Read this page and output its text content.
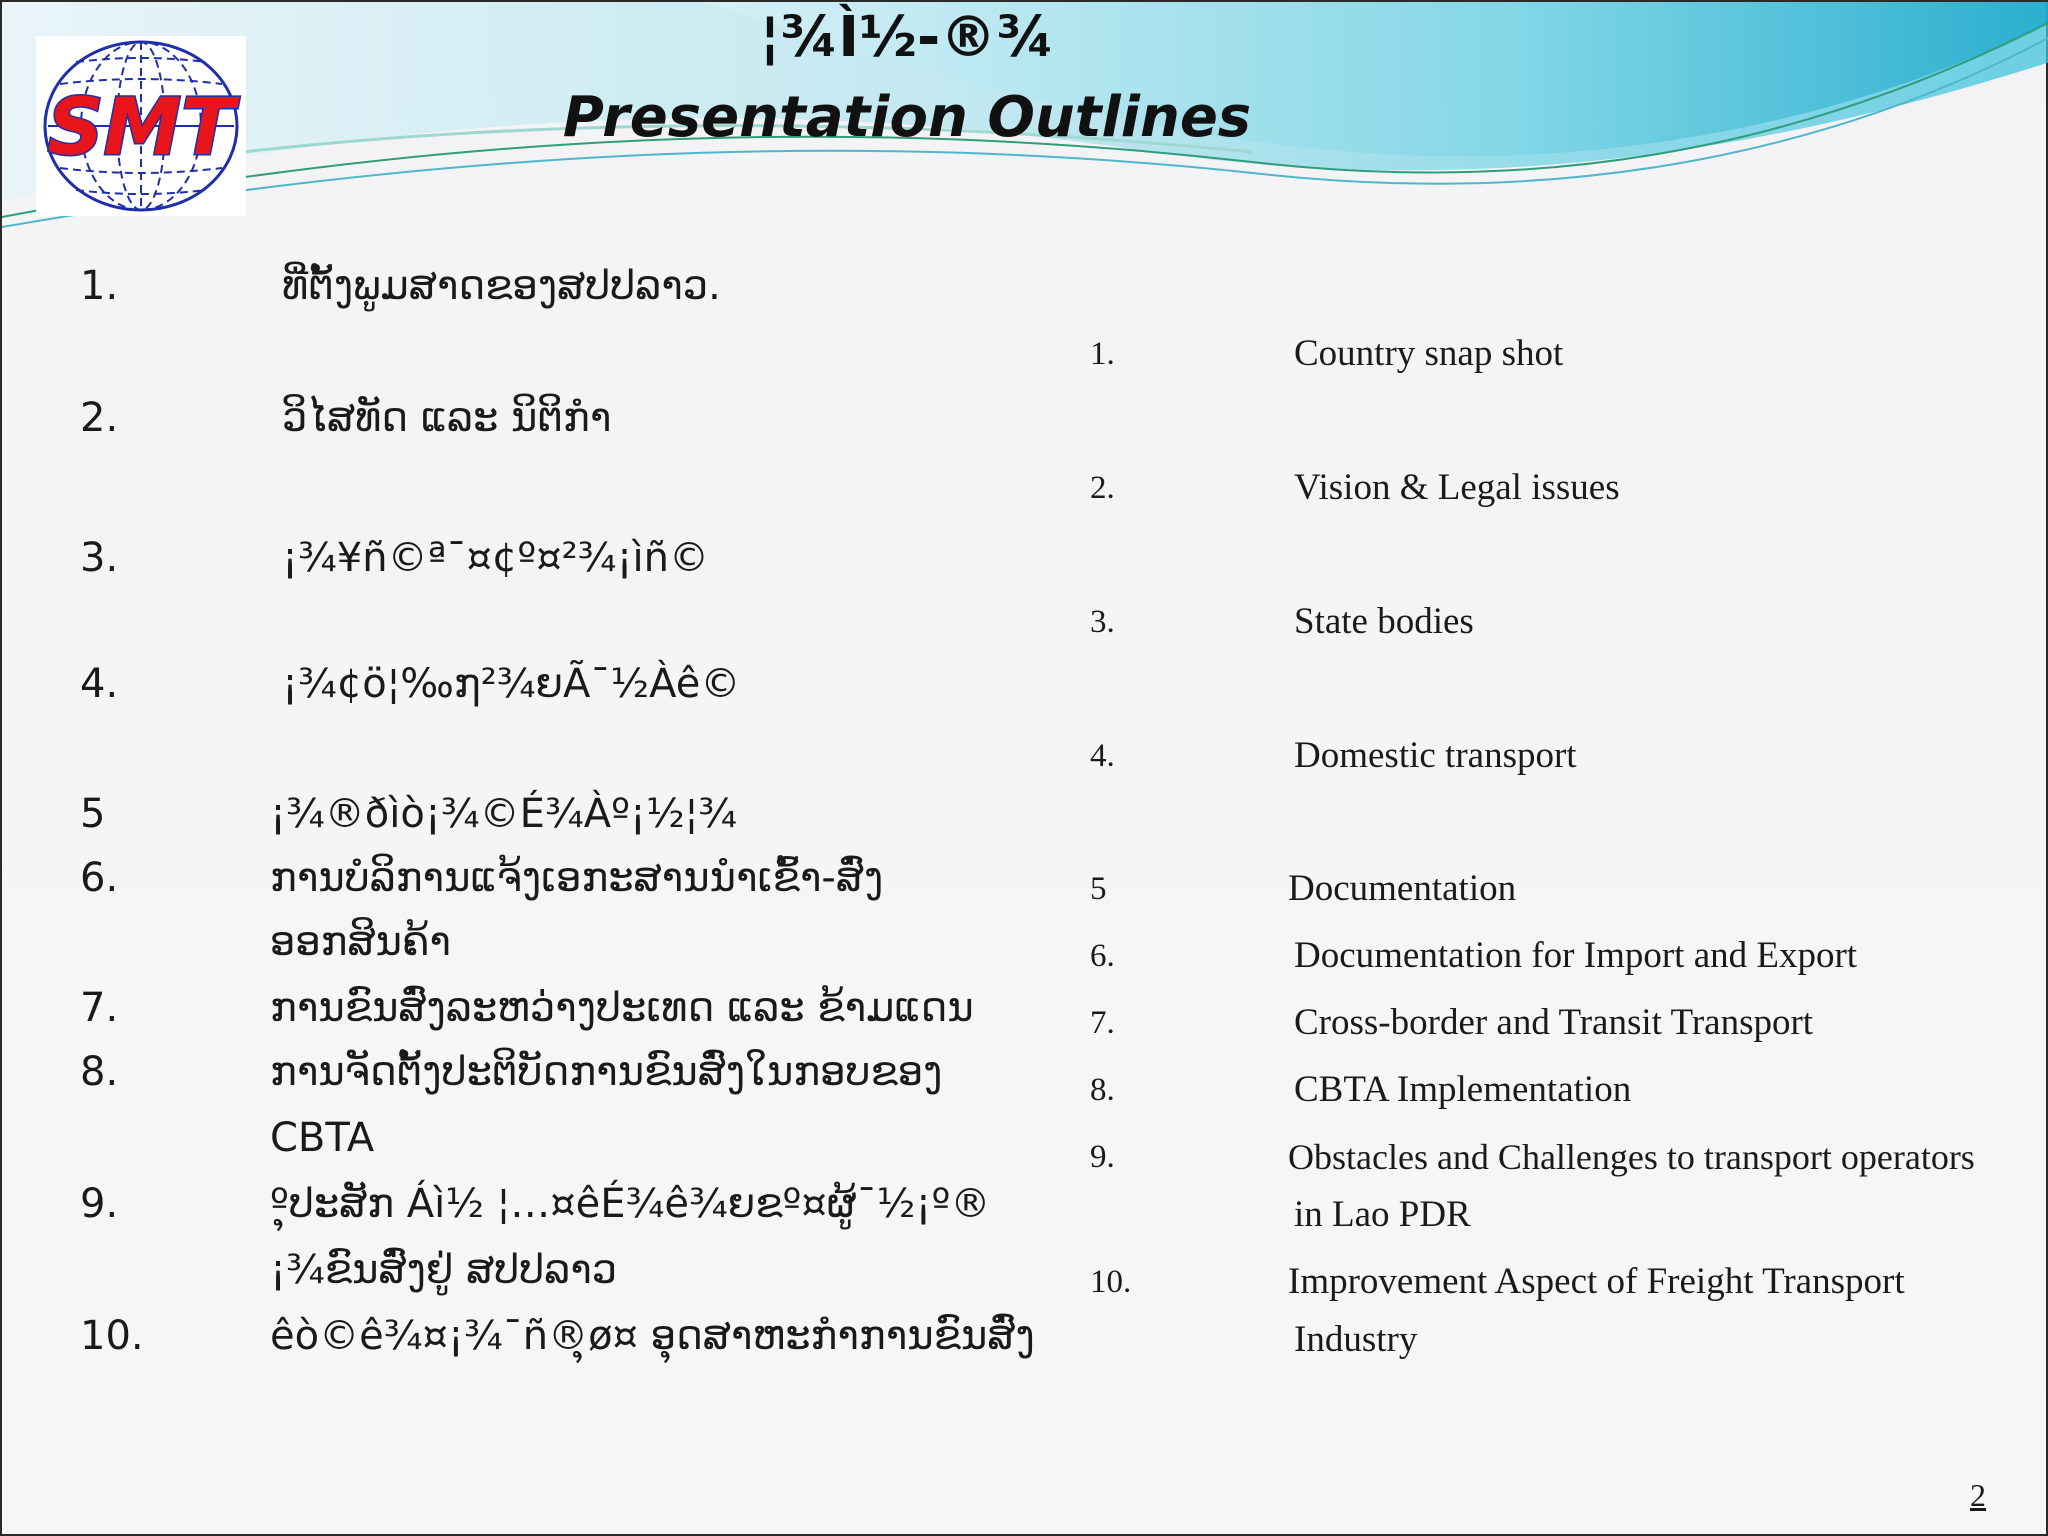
SMT
¦¾Ì½-®¾
Presentation Outlines
1.	ທີ່ຕັ້ງພູມສາດຂອງສປປລາວ.
2.	ວິໄສທັດ ແລະ ນິຕິກຳ
3.	¡¾¥ñ©ª¯¤¢º¤²¾¡ìñ©
4.	¡¾¢ö¦‰໗²¾ຍÃ¯½Àê©
5	¡¾®ðìò¡¾©É¾Àº¡½¦¾
6.	ການບໍລິການແຈ້ງເອກະສານນຳເຂົ້າ-ສົ່ງ
ອອກສິນຄ້າ
7.	ການຂົນສົ່ງລະຫວ່າງປະເທດ ແລະ ຂ້າມແດນ
8.	ການຈັດຕັ້ງປະຕິບັດການຂົນສົ່ງໃນກອບຂອງ
CBTA
9.	ºຸປະສັກ Áì½ ¦…¤êÉ¾ê¾ຍຂº¤ຜູ້¯½¡º®
¡¾ຂົນສົ່ງຢູ່ ສປປລາວ
10.	êò©ê¾¤¡¾¯ñ®ຸø¤ ອຸດສາຫະກຳການຂົນສົ່ງ
1.	Country snap shot
2.	Vision & Legal issues
3.	State bodies
4.	Domestic transport
5	Documentation
6.	Documentation for Import and Export
7.	Cross-border and Transit Transport
8.	CBTA Implementation
9.	Obstacles and Challenges to transport operators
in Lao PDR
10.	Improvement Aspect of Freight Transport
Industry
2
